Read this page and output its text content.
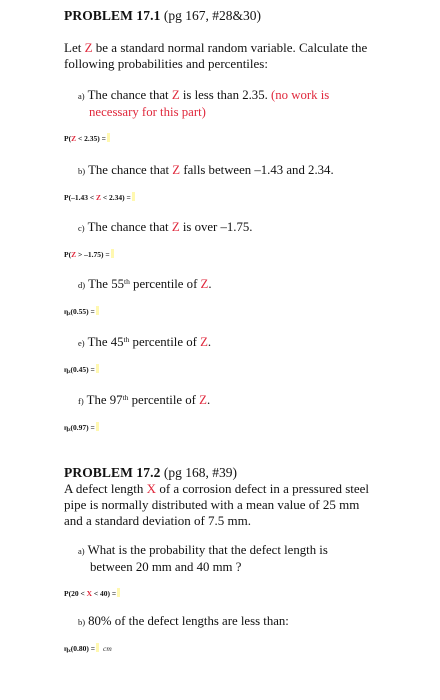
PROBLEM 17.1 (pg 167, #28&30)
Let Z be a standard normal random variable. Calculate the
following probabilities and percentiles:
a) The chance that Z is less than 2.35. (no work is
necessary for this part)
P(Z < 2.35) =
b) The chance that Z falls between –1.43 and 2.34.
P(–1.43 < Z < 2.34) =
c) The chance that Z is over –1.75.
P(Z > –1.75) =
d) The 55th percentile of Z.
$\eta_z(0.55)$ =
e) The 45th percentile of Z.
$\eta_z(0.45)$ =
f) The 97th percentile of Z.
$\eta_z(0.97)$ =
PROBLEM 17.2 (pg 168, #39)
A defect length X of a corrosion defect in a pressured steel
pipe is normally distributed with a mean value of 25 mm
and a standard deviation of 7.5 mm.
a) What is the probability that the defect length is
between 20 mm and 40 mm ?
P(20 < X < 40) =
b) 80% of the defect lengths are less than:
$\eta_x(0.80)$ = cm
